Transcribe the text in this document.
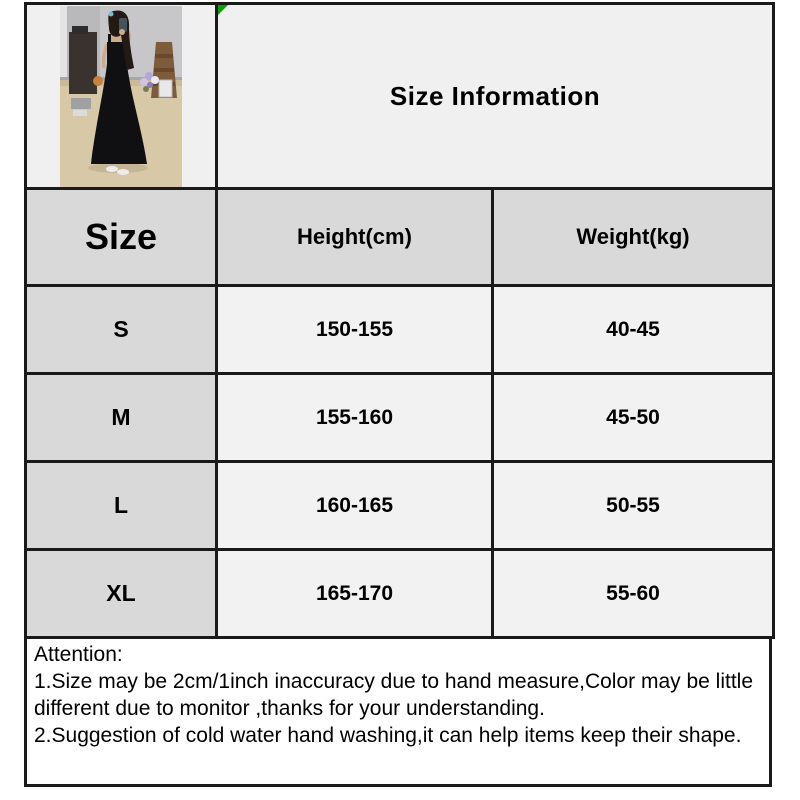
Size Information	
Size	Height(cm)	Weight(kg)
S	150-155	40-45
M	155-160	45-50
L	160-165	50-55
XL	165-170	55-60
Attention:
1.Size may be 2cm/1inch inaccuracy due to hand measure,Color may be little different due to monitor ,thanks for your understanding.
2.Suggestion of cold water hand washing,it can help items keep their shape.
